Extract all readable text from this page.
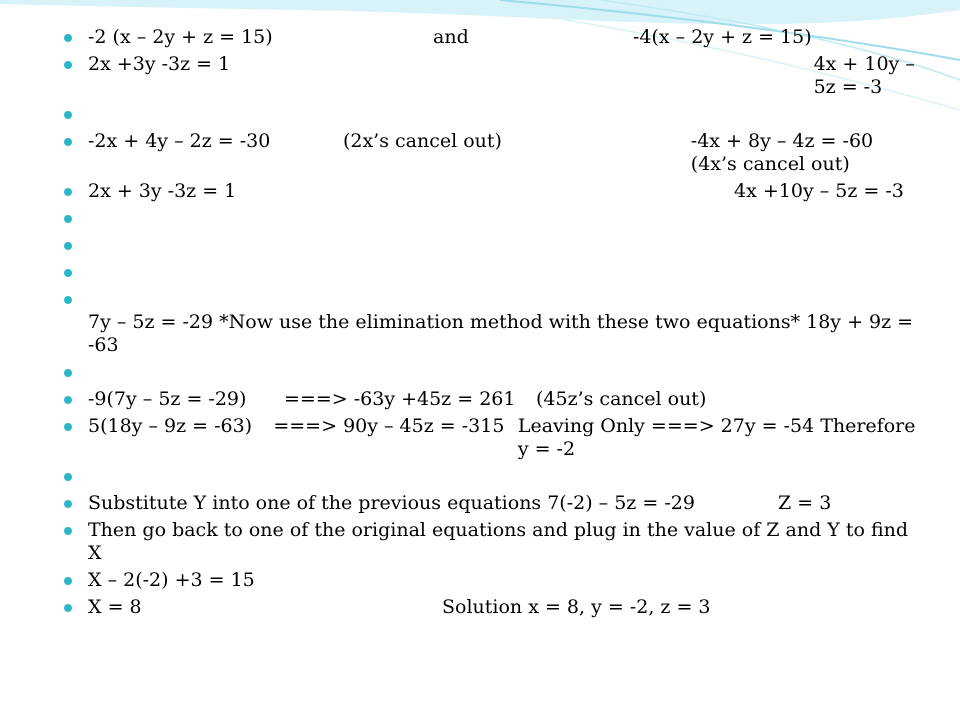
-2 (x – 2y + z = 15)	and	-4(x – 2y + z = 15)
2x +3y -3z = 1	4x + 10y – 5z = -3
-2x + 4y – 2z = -30	(2x’s cancel out)	-4x + 8y – 4z = -60 (4x’s cancel out)
2x + 3y -3z = 1	4x +10y – 5z = -3
7y – 5z = -29 *Now use the elimination method with these two equations* 18y + 9z = -63
-9(7y – 5z = -29)	===> -63y +45z = 261	(45z’s cancel out)
5(18y – 9z = -63)	===> 90y – 45z = -315 Leaving Only ===> 27y = -54 Therefore y = -2
Substitute Y into one of the previous equations 7(-2) – 5z = -29	Z = 3
Then go back to one of the original equations and plug in the value of Z and Y to find X
X – 2(-2) +3 = 15
X = 8	Solution x = 8, y = -2, z = 3
